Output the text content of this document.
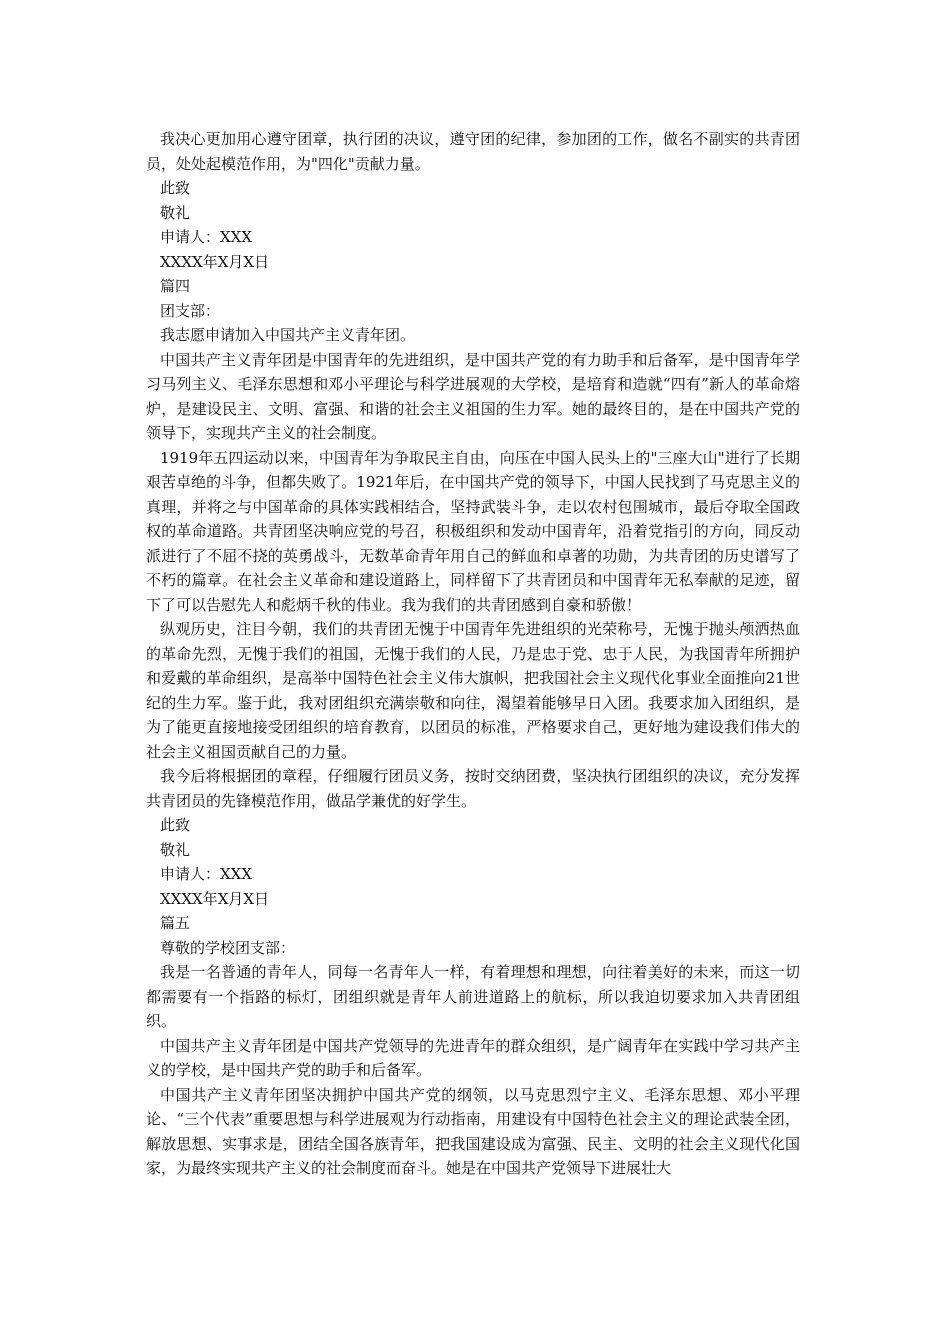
我决心更加用心遵守团章，执行团的决议，遵守团的纪律，参加团的工作，做名不副实的共青团员，处处起模范作用，为"四化"贡献力量。

此致

敬礼

申请人：XXX

XXXX年X月X日

篇四

团支部：

我志愿申请加入中国共产主义青年团。

中国共产主义青年团是中国青年的先进组织，是中国共产党的有力助手和后备军，是中国青年学习马列主义、毛泽东思想和邓小平理论与科学进展观的大学校，是培育和造就“四有”新人的革命熔炉，是建设民主、文明、富强、和谐的社会主义祖国的生力军。她的最终目的，是在中国共产党的领导下，实现共产主义的社会制度。

1919年五四运动以来，中国青年为争取民主自由，向压在中国人民头上的"三座大山"进行了长期艰苦卓绝的斗争，但都失败了。1921年后，在中国共产党的领导下，中国人民找到了马克思主义的真理，并将之与中国革命的具体实践相结合，坚持武装斗争，走以农村包围城市，最后夺取全国政权的革命道路。共青团坚决响应党的号召，积极组织和发动中国青年，沿着党指引的方向，同反动派进行了不屈不挠的英勇战斗，无数革命青年用自己的鲜血和卓著的功勋，为共青团的历史谱写了不朽的篇章。在社会主义革命和建设道路上，同样留下了共青团员和中国青年无私奉献的足迹，留下了可以告慰先人和彪炳千秋的伟业。我为我们的共青团感到自豪和骄傲！

纵观历史，注目今朝，我们的共青团无愧于中国青年先进组织的光荣称号，无愧于抛头颅洒热血的革命先烈，无愧于我们的祖国，无愧于我们的人民，乃是忠于党、忠于人民，为我国青年所拥护和爱戴的革命组织，是高举中国特色社会主义伟大旗帜，把我国社会主义现代化事业全面推向21世纪的生力军。鉴于此，我对团组织充满崇敬和向往，渴望着能够早日入团。我要求加入团组织，是为了能更直接地接受团组织的培育教育，以团员的标准，严格要求自己，更好地为建设我们伟大的社会主义祖国贡献自己的力量。

我今后将根据团的章程，仔细履行团员义务，按时交纳团费，坚决执行团组织的决议，充分发挥共青团员的先锋模范作用，做品学兼优的好学生。

此致

敬礼

申请人：XXX

XXXX年X月X日

篇五

尊敬的学校团支部：

我是一名普通的青年人，同每一名青年人一样，有着理想和理想，向往着美好的未来，而这一切都需要有一个指路的标灯，团组织就是青年人前进道路上的航标，所以我迫切要求加入共青团组织。

中国共产主义青年团是中国共产党领导的先进青年的群众组织，是广阔青年在实践中学习共产主义的学校，是中国共产党的助手和后备军。

中国共产主义青年团坚决拥护中国共产党的纲领，以马克思烈宁主义、毛泽东思想、邓小平理论、“三个代表”重要思想与科学进展观为行动指南，用建设有中国特色社会主义的理论武装全团，解放思想、实事求是，团结全国各族青年，把我国建设成为富强、民主、文明的社会主义现代化国家，为最终实现共产主义的社会制度而奋斗。她是在中国共产党领导下进展壮大
